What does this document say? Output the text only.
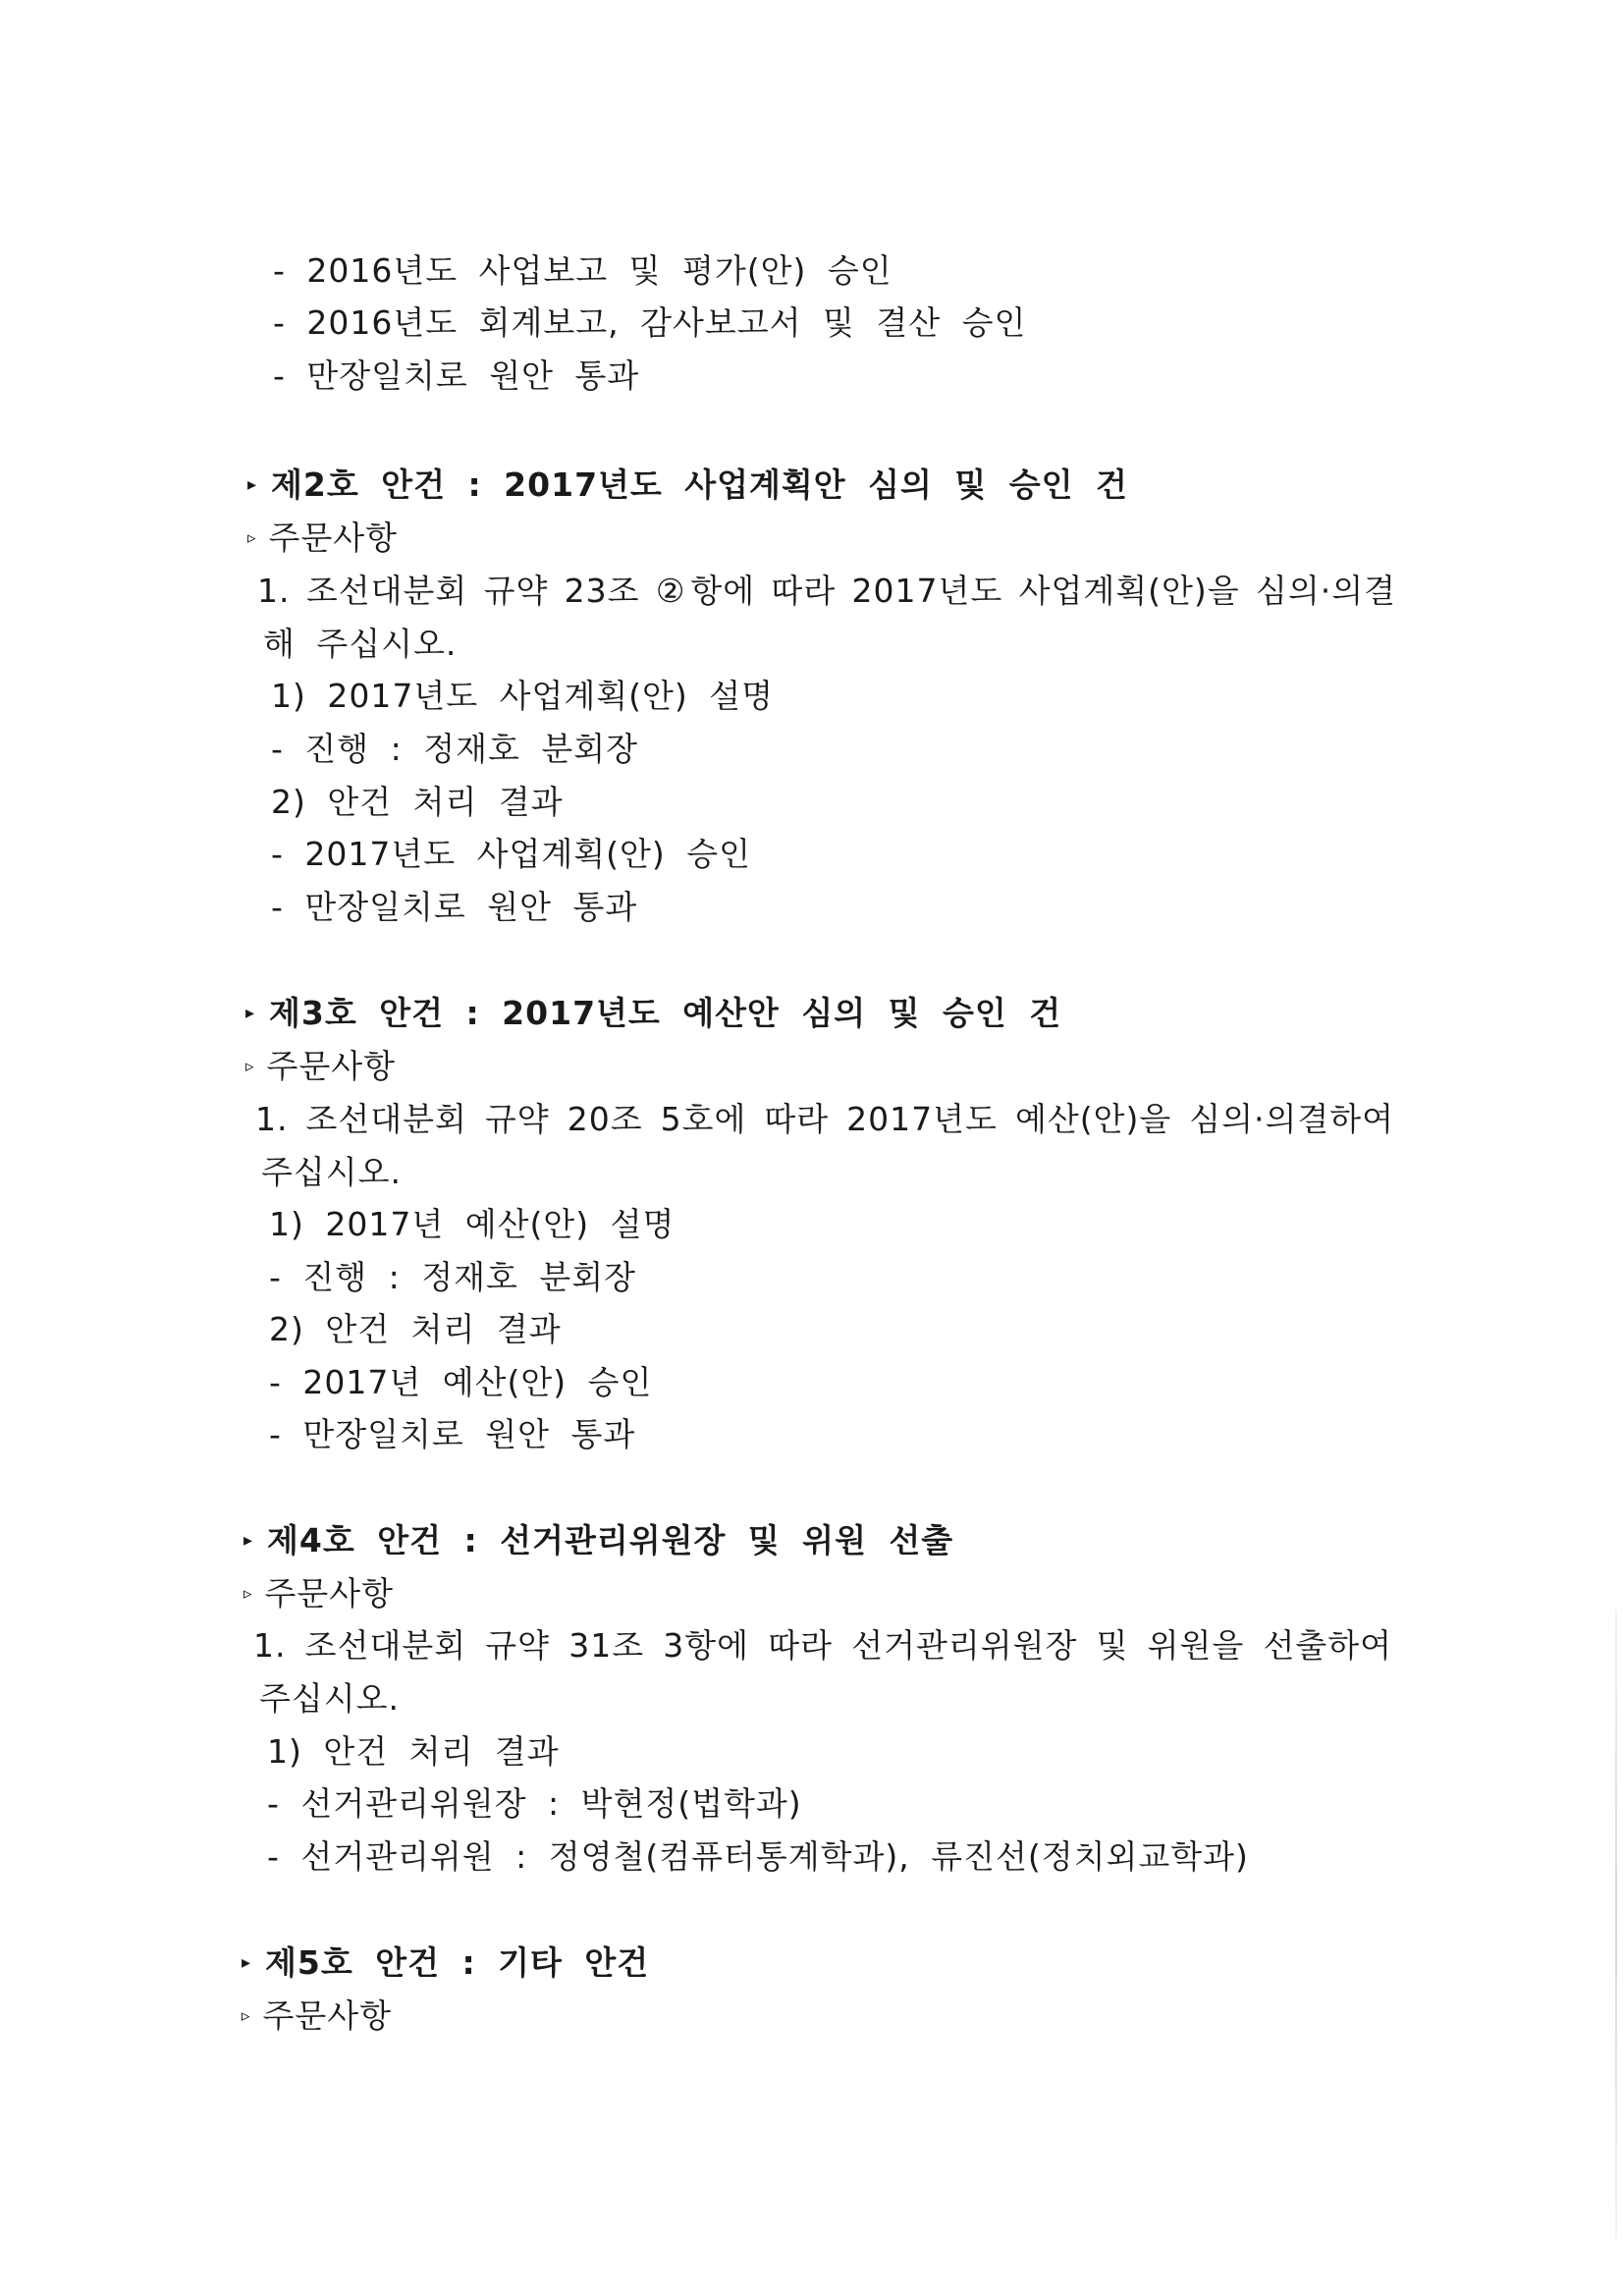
- 2016년도 사업보고 및 평가(안) 승인
- 2016년도 회계보고, 감사보고서 및 결산 승인
- 만장일치로 원안 통과
▸ 제2호 안건 : 2017년도 사업계획안 심의 및 승인 건
▹ 주문사항
1. 조선대분회 규약 23조 ②항에 따라 2017년도 사업계획(안)을 심의·의결
해 주십시오.
1) 2017년도 사업계획(안) 설명
- 진행 : 정재호 분회장
2) 안건 처리 결과
- 2017년도 사업계획(안) 승인
- 만장일치로 원안 통과
▸ 제3호 안건 : 2017년도 예산안 심의 및 승인 건
▹ 주문사항
1. 조선대분회 규약 20조 5호에 따라 2017년도 예산(안)을 심의·의결하여
주십시오.
1) 2017년 예산(안) 설명
- 진행 : 정재호 분회장
2) 안건 처리 결과
- 2017년 예산(안) 승인
- 만장일치로 원안 통과
▸ 제4호 안건 : 선거관리위원장 및 위원 선출
▹ 주문사항
1. 조선대분회 규약 31조 3항에 따라 선거관리위원장 및 위원을 선출하여
주십시오.
1) 안건 처리 결과
- 선거관리위원장 : 박현정(법학과)
- 선거관리위원 : 정영철(컴퓨터통계학과), 류진선(정치외교학과)
▸ 제5호 안건 : 기타 안건
▹ 주문사항
